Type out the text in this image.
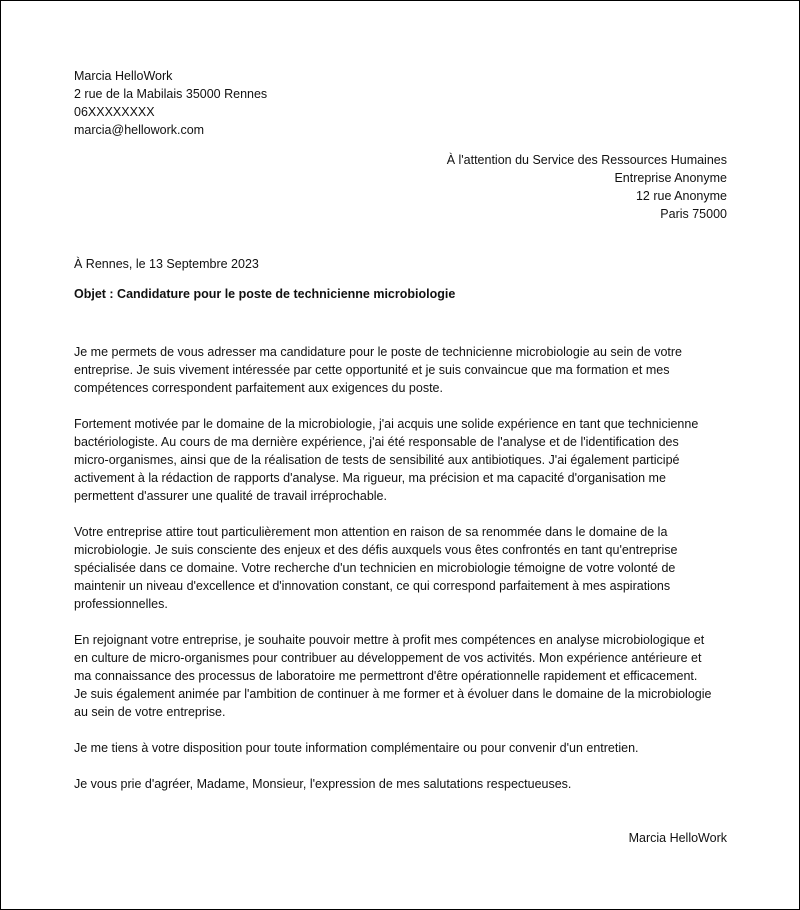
Marcia HelloWork
2 rue de la Mabilais 35000 Rennes
06XXXXXXXX
marcia@hellowork.com
À l'attention du Service des Ressources Humaines
Entreprise Anonyme
12 rue Anonyme
Paris 75000
À Rennes, le 13 Septembre 2023
Objet : Candidature pour le poste de technicienne microbiologie

Je me permets de vous adresser ma candidature pour le poste de technicienne microbiologie au sein de votre
entreprise. Je suis vivement intéressée par cette opportunité et je suis convaincue que ma formation et mes
compétences correspondent parfaitement aux exigences du poste.

Fortement motivée par le domaine de la microbiologie, j'ai acquis une solide expérience en tant que technicienne
bactériologiste. Au cours de ma dernière expérience, j'ai été responsable de l'analyse et de l'identification des
micro-organismes, ainsi que de la réalisation de tests de sensibilité aux antibiotiques. J'ai également participé
activement à la rédaction de rapports d'analyse. Ma rigueur, ma précision et ma capacité d'organisation me
permettent d'assurer une qualité de travail irréprochable.

Votre entreprise attire tout particulièrement mon attention en raison de sa renommée dans le domaine de la
microbiologie. Je suis consciente des enjeux et des défis auxquels vous êtes confrontés en tant qu'entreprise
spécialisée dans ce domaine. Votre recherche d'un technicien en microbiologie témoigne de votre volonté de
maintenir un niveau d'excellence et d'innovation constant, ce qui correspond parfaitement à mes aspirations
professionnelles.

En rejoignant votre entreprise, je souhaite pouvoir mettre à profit mes compétences en analyse microbiologique et
en culture de micro-organismes pour contribuer au développement de vos activités. Mon expérience antérieure et
ma connaissance des processus de laboratoire me permettront d'être opérationnelle rapidement et efficacement.
Je suis également animée par l'ambition de continuer à me former et à évoluer dans le domaine de la microbiologie
au sein de votre entreprise.

Je me tiens à votre disposition pour toute information complémentaire ou pour convenir d'un entretien.

Je vous prie d'agréer, Madame, Monsieur, l'expression de mes salutations respectueuses.

Marcia HelloWork
